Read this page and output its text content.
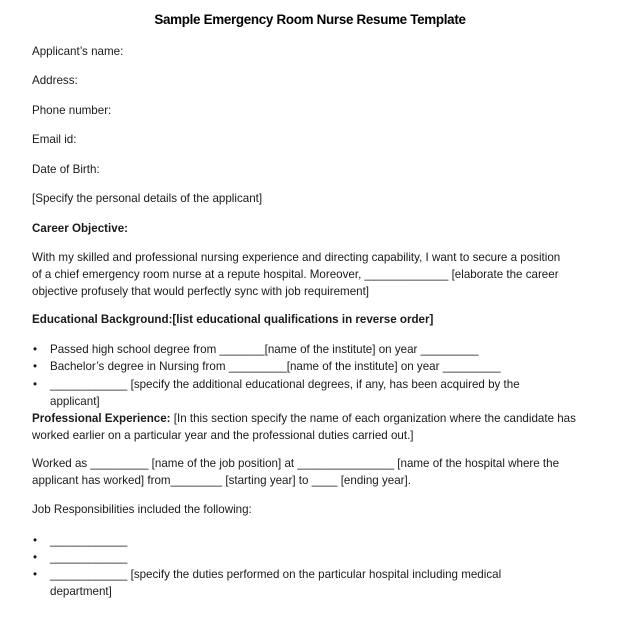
Sample Emergency Room Nurse Resume Template
Applicant’s name:
Address:
Phone number:
Email id:
Date of Birth:
[Specify the personal details of the applicant]
Career Objective:
With my skilled and professional nursing experience and directing capability, I want to secure a position
of a chief emergency room nurse at a repute hospital. Moreover, _____________ [elaborate the career
objective profusely that would perfectly sync with job requirement]
Educational Background:[list educational qualifications in reverse order]
•	Passed high school degree from _______[name of the institute] on year _________
•	Bachelor’s degree in Nursing from _________[name of the institute] on year _________
•	____________ [specify the additional educational degrees, if any, has been acquired by the
applicant]
Professional Experience: [In this section specify the name of each organization where the candidate has
worked earlier on a particular year and the professional duties carried out.]
Worked as _________ [name of the job position] at _______________ [name of the hospital where the
applicant has worked] from________ [starting year] to ____ [ending year].
Job Responsibilities included the following:
•	____________
•	____________
•	____________ [specify the duties performed on the particular hospital including medical
department]
